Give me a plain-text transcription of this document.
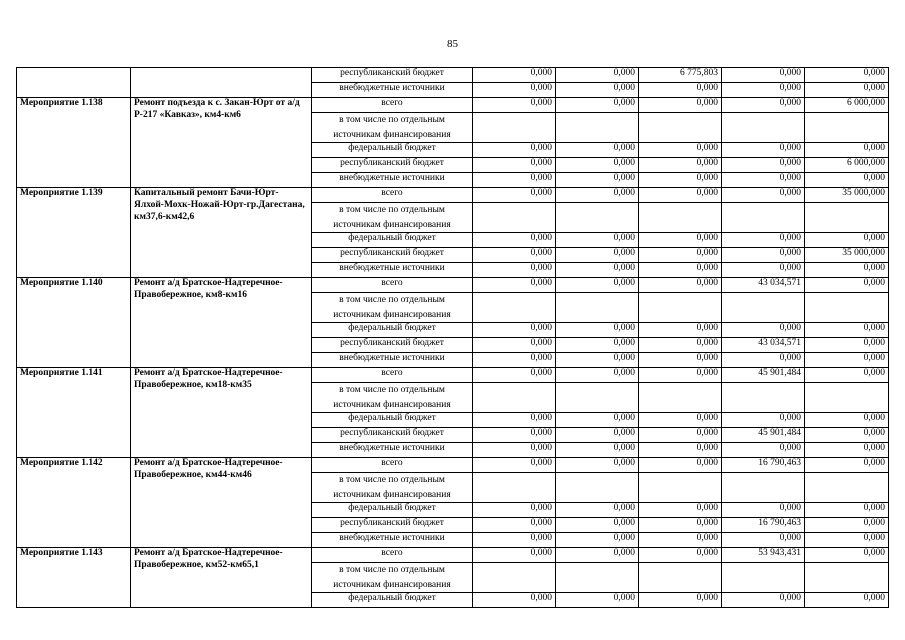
85
		республиканский бюджет	0,000	0,000	6 775,803	0,000	0,000
		внебюджетные источники	0,000	0,000	0,000	0,000	0,000
Мероприятие 1.138	Ремонт подъезда к с. Закан-Юрт от а/д Р-217 «Кавказ», км4-км6	всего	0,000	0,000	0,000	0,000	6 000,000
		в том числе по отдельным источникам финансирования					
		федеральный бюджет	0,000	0,000	0,000	0,000	0,000
		республиканский бюджет	0,000	0,000	0,000	0,000	6 000,000
		внебюджетные источники	0,000	0,000	0,000	0,000	0,000
Мероприятие 1.139	Капитальный ремонт Бачи-Юрт-Ялхой-Мохк-Ножай-Юрт-гр.Дагестана, км37,6-км42,6	всего	0,000	0,000	0,000	0,000	35 000,000
		в том числе по отдельным источникам финансирования					
		федеральный бюджет	0,000	0,000	0,000	0,000	0,000
		республиканский бюджет	0,000	0,000	0,000	0,000	35 000,000
		внебюджетные источники	0,000	0,000	0,000	0,000	0,000
Мероприятие 1.140	Ремонт а/д Братское-Надтеречное-Правобережное, км8-км16	всего	0,000	0,000	0,000	43 034,571	0,000
		в том числе по отдельным источникам финансирования					
		федеральный бюджет	0,000	0,000	0,000	0,000	0,000
		республиканский бюджет	0,000	0,000	0,000	43 034,571	0,000
		внебюджетные источники	0,000	0,000	0,000	0,000	0,000
Мероприятие 1.141	Ремонт а/д Братское-Надтеречное-Правобережное, км18-км35	всего	0,000	0,000	0,000	45 901,484	0,000
		в том числе по отдельным источникам финансирования					
		федеральный бюджет	0,000	0,000	0,000	0,000	0,000
		республиканский бюджет	0,000	0,000	0,000	45 901,484	0,000
		внебюджетные источники	0,000	0,000	0,000	0,000	0,000
Мероприятие 1.142	Ремонт а/д Братское-Надтеречное-Правобережное, км44-км46	всего	0,000	0,000	0,000	16 790,463	0,000
		в том числе по отдельным источникам финансирования					
		федеральный бюджет	0,000	0,000	0,000	0,000	0,000
		республиканский бюджет	0,000	0,000	0,000	16 790,463	0,000
		внебюджетные источники	0,000	0,000	0,000	0,000	0,000
Мероприятие 1.143	Ремонт а/д Братское-Надтеречное-Правобережное, км52-км65,1	всего	0,000	0,000	0,000	53 943,431	0,000
		в том числе по отдельным источникам финансирования					
		федеральный бюджет	0,000	0,000	0,000	0,000	0,000
